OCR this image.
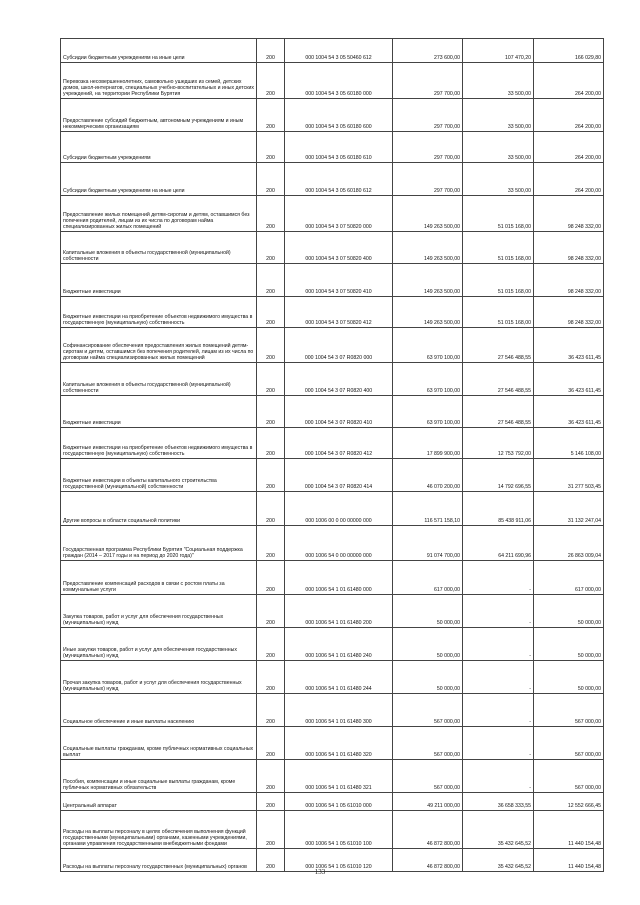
Субсидии бюджетным учреждениям на иные цели	200	000 1004 54 3 05 50460 612	273 600,00	107 470,20	166 029,80
Перевозка несовершеннолетних, самовольно ушедших из семей, детских домов, школ-интернатов, специальных учебно-воспитательных и иных детских учреждений, на территории Республики Бурятия	200	000 1004 54 3 05 60180 000	297 700,00	33 500,00	264 200,00
Предоставление субсидий бюджетным, автономным учреждениям и иным некоммерческим организациям	200	000 1004 54 3 05 60180 600	297 700,00	33 500,00	264 200,00
Субсидии бюджетным учреждениям	200	000 1004 54 3 05 60180 610	297 700,00	33 500,00	264 200,00
Субсидии бюджетным учреждениям на иные цели	200	000 1004 54 3 05 60180 612	297 700,00	33 500,00	264 200,00
Предоставление жилых помещений детям-сиротам и детям, оставшимся без попечения родителей, лицам из их числа по договорам найма специализированных жилых помещений	200	000 1004 54 3 07 50820 000	149 263 500,00	51 015 168,00	98 248 332,00
Капитальные вложения в объекты государственной (муниципальной) собственности	200	000 1004 54 3 07 50820 400	149 263 500,00	51 015 168,00	98 248 332,00
Бюджетные инвестиции	200	000 1004 54 3 07 50820 410	149 263 500,00	51 015 168,00	98 248 332,00
Бюджетные инвестиции на приобретение объектов недвижимого имущества в государственную (муниципальную) собственность	200	000 1004 54 3 07 50820 412	149 263 500,00	51 015 168,00	98 248 332,00
Софинансирование обеспечения предоставления жилых помещений детям-сиротам и детям, оставшимся без попечения родителей, лицам из их числа по договорам найма специализированных жилых помещений	200	000 1004 54 3 07 R0820 000	63 970 100,00	27 546 488,55	36 423 611,45
Капитальные вложения в объекты государственной (муниципальной) собственности	200	000 1004 54 3 07 R0820 400	63 970 100,00	27 546 488,55	36 423 611,45
Бюджетные инвестиции	200	000 1004 54 3 07 R0820 410	63 970 100,00	27 546 488,55	36 423 611,45
Бюджетные инвестиции на приобретение объектов недвижимого имущества в государственную (муниципальную) собственность	200	000 1004 54 3 07 R0820 412	17 899 900,00	12 753 792,00	5 146 108,00
Бюджетные инвестиции в объекты капитального строительства государственной (муниципальной) собственности	200	000 1004 54 3 07 R0820 414	46 070 200,00	14 792 696,55	31 277 503,45
Другие вопросы в области социальной политики	200	000 1006 00 0 00 00000 000	116 571 158,10	85 438 911,06	31 132 247,04
Государственная программа Республики Бурятия "Социальная поддержка граждан (2014 – 2017 годы и на период до 2020 года)"	200	000 1006 54 0 00 00000 000	91 074 700,00	64 211 690,96	26 863 009,04
Предоставление компенсаций расходов в связи с ростом платы за коммунальные услуги	200	000 1006 54 1 01 61480 000	617 000,00	-	617 000,00
Закупка товаров, работ и услуг для обеспечения государственных (муниципальных) нужд	200	000 1006 54 1 01 61480 200	50 000,00	-	50 000,00
Иные закупки товаров, работ и услуг для обеспечения государственных (муниципальных) нужд	200	000 1006 54 1 01 61480 240	50 000,00	-	50 000,00
Прочая закупка товаров, работ и услуг для обеспечения государственных (муниципальных) нужд	200	000 1006 54 1 01 61480 244	50 000,00	-	50 000,00
Социальное обеспечение и иные выплаты населению	200	000 1006 54 1 01 61480 300	567 000,00	-	567 000,00
Социальные выплаты гражданам, кроме публичных нормативных социальных выплат	200	000 1006 54 1 01 61480 320	567 000,00	-	567 000,00
Пособия, компенсации и иные социальные выплаты гражданам, кроме публичных нормативных обязательств	200	000 1006 54 1 01 61480 321	567 000,00	-	567 000,00
Центральный аппарат	200	000 1006 54 1 05 61010 000	49 211 000,00	36 658 333,55	12 552 666,45
Расходы на выплаты персоналу в целях обеспечения выполнения функций государственными (муниципальными) органами, казенными учреждениями, органами управления государственными внебюджетными фондами	200	000 1006 54 1 05 61010 100	46 872 800,00	35 432 645,52	11 440 154,48
Расходы на выплаты персоналу государственных (муниципальных) органов	200	000 1006 54 1 05 61010 120	46 872 800,00	35 432 645,52	11 440 154,48
133
